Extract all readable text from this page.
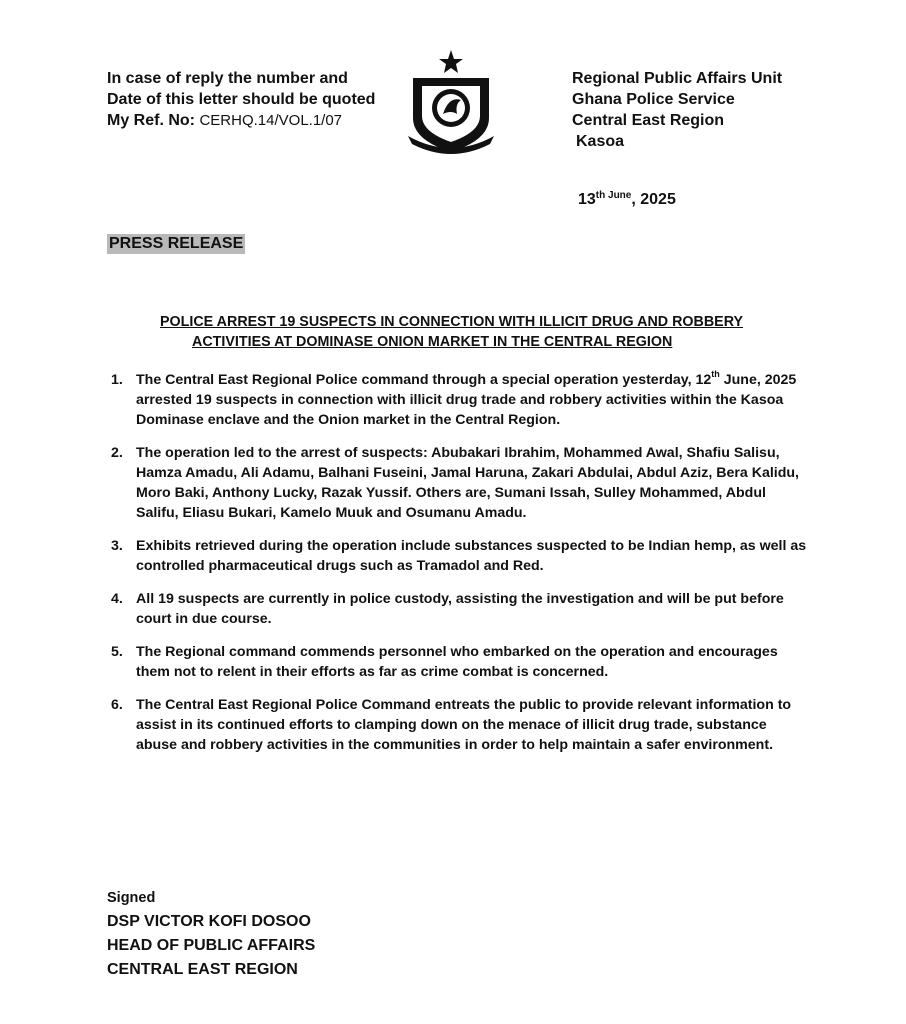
In case of reply the number and
Date of this letter should be quoted
My Ref. No: CERHQ.14/VOL.1/07
Regional Public Affairs Unit
Ghana Police Service
Central East Region
Kasoa
$13^{th June}$, 2025
PRESS RELEASE
POLICE ARREST 19 SUSPECTS IN CONNECTION WITH ILLICIT DRUG AND ROBBERY
ACTIVITIES AT DOMINASE ONION MARKET IN THE CENTRAL REGION
1. The Central East Regional Police command through a special operation yesterday, 12th June, 2025 arrested 19 suspects in connection with illicit drug trade and robbery activities within the Kasoa Dominase enclave and the Onion market in the Central Region.
2. The operation led to the arrest of suspects: Abubakari Ibrahim, Mohammed Awal, Shafiu Salisu, Hamza Amadu, Ali Adamu, Balhani Fuseini, Jamal Haruna, Zakari Abdulai, Abdul Aziz, Bera Kalidu, Moro Baki, Anthony Lucky, Razak Yussif. Others are, Sumani Issah, Sulley Mohammed, Abdul Salifu, Eliasu Bukari, Kamelo Muuk and Osumanu Amadu.
3. Exhibits retrieved during the operation include substances suspected to be Indian hemp, as well as controlled pharmaceutical drugs such as Tramadol and Red.
4. All 19 suspects are currently in police custody, assisting the investigation and will be put before court in due course.
5. The Regional command commends personnel who embarked on the operation and encourages them not to relent in their efforts as far as crime combat is concerned.
6. The Central East Regional Police Command entreats the public to provide relevant information to assist in its continued efforts to clamping down on the menace of illicit drug trade, substance abuse and robbery activities in the communities in order to help maintain a safer environment.
Signed
DSP VICTOR KOFI DOSOO
HEAD OF PUBLIC AFFAIRS
CENTRAL EAST REGION
